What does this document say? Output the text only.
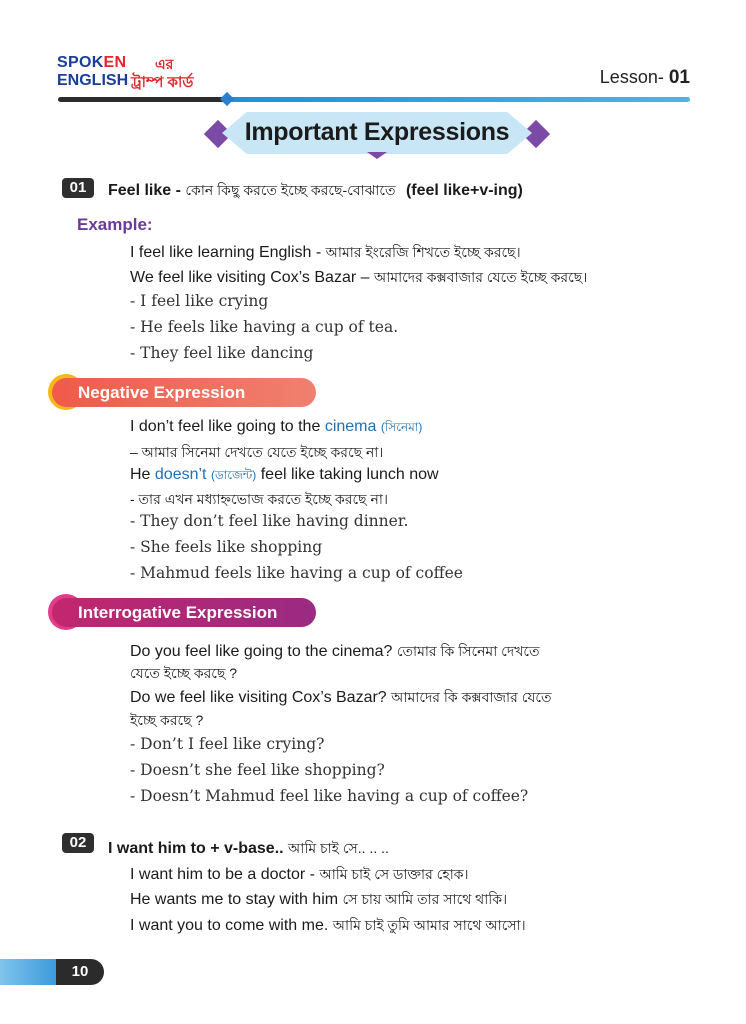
SPOKEN এর
ENGLISH ট্রাম্প কার্ড	Lesson- 01
Important Expressions
01	Feel like - কোন কিছু করতে ইচ্ছে করছে-বোঝাতে (feel like+v-ing)
Example:
I feel like learning English - আমার ইংরেজি শিখতে ইচ্ছে করছে।
We feel like visiting Cox’s Bazar – আমাদের কক্সবাজার যেতে ইচ্ছে করছে।
- I feel like crying
- He feels like having a cup of tea.
- They feel like dancing
Negative Expression
I don’t feel like going to the cinema (সিনেমা)
– আমার সিনেমা দেখতে যেতে ইচ্ছে করছে না।
He doesn’t (ডাজেন্ট) feel like taking lunch now
- তার এখন মধ্যাহ্নভোজ করতে ইচ্ছে করছে না।
- They don’t feel like having dinner.
- She feels like shopping
- Mahmud feels like having a cup of coffee
Interrogative Expression
Do you feel like going to the cinema? তোমার কি সিনেমা দেখতে
যেতে ইচ্ছে করছে ?
Do we feel like visiting Cox’s Bazar? আমাদের কি কক্সবাজার যেতে
ইচ্ছে করছে ?
- Don’t I feel like crying?
- Doesn’t she feel like shopping?
- Doesn’t Mahmud feel like having a cup of coffee?
02	I want him to + v-base.. আমি চাই সে.. .. ..
I want him to be a doctor - আমি চাই সে ডাক্তার হোক।
He wants me to stay with him সে চায় আমি তার সাথে থাকি।
I want you to come with me. আমি চাই তুমি আমার সাথে আসো।
10
